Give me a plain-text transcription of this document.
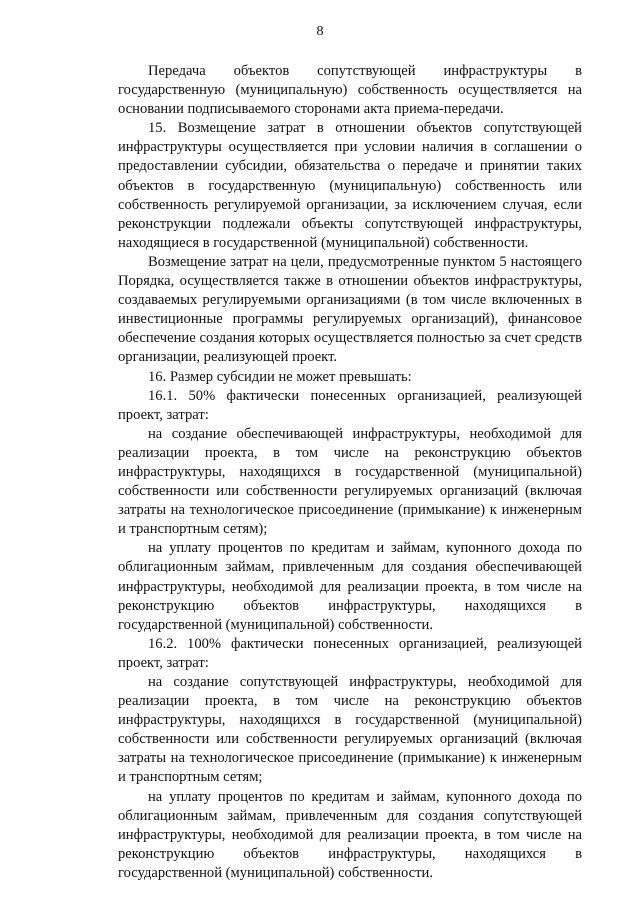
8

Передача объектов сопутствующей инфраструктуры в государственную (муниципальную) собственность осуществляется на основании подписываемого сторонами акта приема-передачи.

15. Возмещение затрат в отношении объектов сопутствующей инфраструктуры осуществляется при условии наличия в соглашении о предоставлении субсидии, обязательства о передаче и принятии таких объектов в государственную (муниципальную) собственность или собственность регулируемой организации, за исключением случая, если реконструкции подлежали объекты сопутствующей инфраструктуры, находящиеся в государственной (муниципальной) собственности.

Возмещение затрат на цели, предусмотренные пунктом 5 настоящего Порядка, осуществляется также в отношении объектов инфраструктуры, создаваемых регулируемыми организациями (в том числе включенных в инвестиционные программы регулируемых организаций), финансовое обеспечение создания которых осуществляется полностью за счет средств организации, реализующей проект.

16. Размер субсидии не может превышать:

16.1. 50% фактически понесенных организацией, реализующей проект, затрат:

на создание обеспечивающей инфраструктуры, необходимой для реализации проекта, в том числе на реконструкцию объектов инфраструктуры, находящихся в государственной (муниципальной) собственности или собственности регулируемых организаций (включая затраты на технологическое присоединение (примыкание) к инженерным и транспортным сетям);

на уплату процентов по кредитам и займам, купонного дохода по облигационным займам, привлеченным для создания обеспечивающей инфраструктуры, необходимой для реализации проекта, в том числе на реконструкцию объектов инфраструктуры, находящихся в государственной (муниципальной) собственности.

16.2. 100% фактически понесенных организацией, реализующей проект, затрат:

на создание сопутствующей инфраструктуры, необходимой для реализации проекта, в том числе на реконструкцию объектов инфраструктуры, находящихся в государственной (муниципальной) собственности или собственности регулируемых организаций (включая затраты на технологическое присоединение (примыкание) к инженерным и транспортным сетям;

на уплату процентов по кредитам и займам, купонного дохода по облигационным займам, привлеченным для создания сопутствующей инфраструктуры, необходимой для реализации проекта, в том числе на реконструкцию объектов инфраструктуры, находящихся в государственной (муниципальной) собственности.
